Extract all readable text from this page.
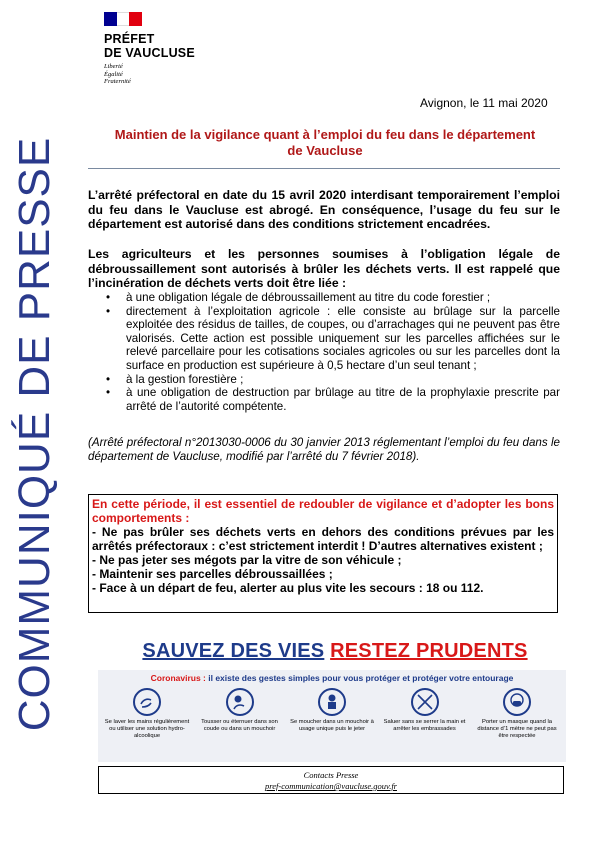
COMMUNIQUÉ DE PRESSE
PRÉFET
DE VAUCLUSE
Liberté
Égalité
Fraternité
Avignon, le 11 mai 2020
Maintien de la vigilance quant à l’emploi du feu dans le département de Vaucluse
L’arrêté préfectoral en date du 15 avril 2020 interdisant temporairement l’emploi du feu dans le Vaucluse est abrogé. En conséquence, l’usage du feu sur le département est autorisé dans des conditions strictement encadrées.
Les agriculteurs et les personnes soumises à l’obligation légale de débroussaillement sont autorisés à brûler les déchets verts. Il est rappelé que l’incinération de déchets verts doit être liée :
• à une obligation légale de débroussaillement au titre du code forestier ;
• directement à l’exploitation agricole : elle consiste au brûlage sur la parcelle exploitée des résidus de tailles, de coupes, ou d’arrachages qui ne peuvent pas être valorisés. Cette action est possible uniquement sur les parcelles affichées sur le relevé parcellaire pour les cotisations sociales agricoles ou sur les parcelles dont la surface en production est supérieure à 0,5 hectare d’un seul tenant ;
• à la gestion forestière ;
• à une obligation de destruction par brûlage au titre de la prophylaxie prescrite par arrêté de l’autorité compétente.
(Arrêté préfectoral n°2013030-0006 du 30 janvier 2013 réglementant l’emploi du feu dans le département de Vaucluse, modifié par l’arrêté du 7 février 2018).
En cette période, il est essentiel de redoubler de vigilance et d’adopter les bons comportements :
- Ne pas brûler ses déchets verts en dehors des conditions prévues par les arrêtés préfectoraux : c’est strictement interdit ! D’autres alternatives existent ;
- Ne pas jeter ses mégots par la vitre de son véhicule ;
- Maintenir ses parcelles débroussaillées ;
- Face à un départ de feu, alerter au plus vite les secours : 18 ou 112.
SAUVEZ DES VIES RESTEZ PRUDENTS
Coronavirus : il existe des gestes simples pour vous protéger et protéger votre entourage
Se laver les mains régulièrement ou utiliser une solution hydro-alcoolique
Tousser ou éternuer dans son coude ou dans un mouchoir
Se moucher dans un mouchoir à usage unique puis le jeter
Saluer sans se serrer la main et arrêter les embrassades
Porter un masque quand la distance d’1 mètre ne peut pas être respectée
Contacts Presse
pref-communication@vaucluse.gouv.fr
